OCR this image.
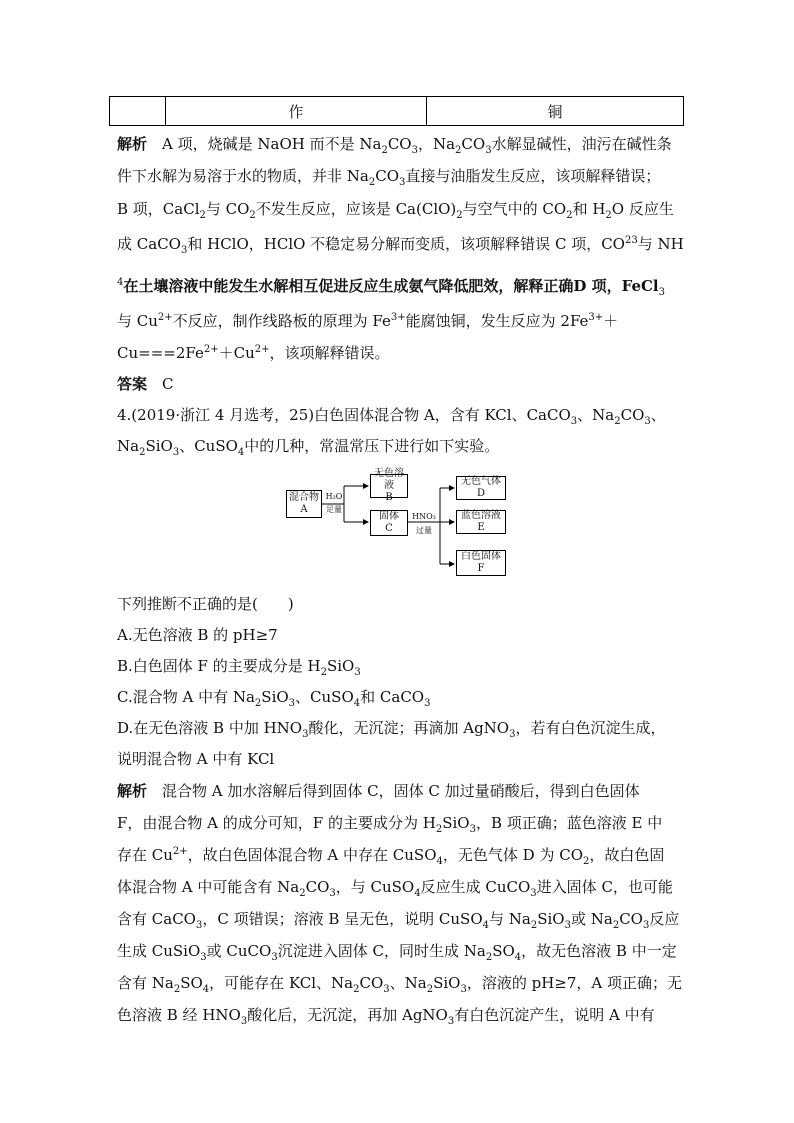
作	铜
解析　A 项，烧碱是 NaOH 而不是 $Na_2CO_3$，$Na_2CO_3$水解显碱性，油污在碱性条
件下水解为易溶于水的物质，并非 $Na_2CO_3$直接与油脂发生反应，该项解释错误；
B 项，CaCl$_2$与 $CO_2$不发生反应，应该是 $Ca(ClO)_2$与空气中的 $CO_2$和 $H_2O$ 反应生
成 CaCO$_3$和 HClO，HClO 不稳定易分解而变质，该项解释错误 C 项，CO$^{23}$与 NH
$^4$在土壤溶液中能发生水解相互促进反应生成氨气降低肥效，解释正确D 项，FeCl$_3$
与 $Cu^{2+}$不反应，制作线路板的原理为 $Fe^{3+}$能腐蚀铜，发生反应为 $2Fe^{3+}+$
$Cu===2Fe^{2+}+Cu^{2+}$，该项解释错误。
答案　C
4.(2019·浙江 4 月选考，25)白色固体混合物 A，含有 KCl、CaCO$_3$、$Na_2CO_3$、
$Na_2SiO_3$、CuSO$_4$中的几种，常温常压下进行如下实验。
混合物
A
H₂O
足量
无色溶液
B
固体
C
HNO₃
过量
无色气体
D
蓝色溶液
E
白色固体
F
下列推断不正确的是(　　)
A.无色溶液 B 的 pH≥7
B.白色固体 F 的主要成分是 $H_2SiO_3$
C.混合物 A 中有 $Na_2SiO_3$、CuSO$_4$和 CaCO$_3$
D.在无色溶液 B 中加 $HNO_3$酸化，无沉淀；再滴加 AgNO$_3$，若有白色沉淀生成，
说明混合物 A 中有 KCl
解析　混合物 A 加水溶解后得到固体 C，固体 C 加过量硝酸后，得到白色固体
F，由混合物 A 的成分可知，F 的主要成分为 $H_2SiO_3$，B 项正确；蓝色溶液 E 中
存在 $Cu^{2+}$，故白色固体混合物 A 中存在 CuSO$_4$，无色气体 D 为 $CO_2$，故白色固
体混合物 A 中可能含有 $Na_2CO_3$，与 CuSO$_4$反应生成 CuCO$_3$进入固体 C，也可能
含有 CaCO$_3$，C 项错误；溶液 B 呈无色，说明 CuSO$_4$与 $Na_2SiO_3$或 $Na_2CO_3$反应
生成 CuSiO$_3$或 CuCO$_3$沉淀进入固体 C，同时生成 $Na_2SO_4$，故无色溶液 B 中一定
含有 $Na_2SO_4$，可能存在 KCl、$Na_2CO_3$、$Na_2SiO_3$，溶液的 pH≥7，A 项正确；无
色溶液 B 经 $HNO_3$酸化后，无沉淀，再加 AgNO$_3$有白色沉淀产生，说明 A 中有
